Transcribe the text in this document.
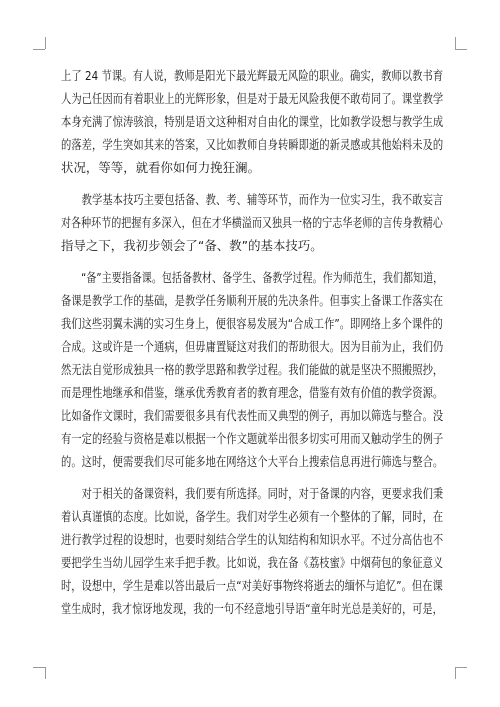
上了 24 节课。有人说，教师是阳光下最光辉最无风险的职业。确实，教师以教书育
人为己任因而有着职业上的光辉形象，但是对于最无风险我便不敢苟同了。课堂教学
本身充满了惊涛骇浪，特别是语文这种相对自由化的课堂，比如教学设想与教学生成
的落差，学生突如其来的答案，又比如教师自身转瞬即逝的新灵感或其他始料未及的
状况，等等，就看你如何力挽狂澜。
　　教学基本技巧主要包括备、教、考、辅等环节，而作为一位实习生，我不敢妄言
对各种环节的把握有多深入，但在才华横溢而又独具一格的宁志华老师的言传身教精心
指导之下，我初步领会了“备、教”的基本技巧。
　　“备”主要指备课。包括备教材、备学生、备教学过程。作为师范生，我们都知道，
备课是教学工作的基础，是教学任务顺利开展的先决条件。但事实上备课工作落实在
我们这些羽翼未满的实习生身上，便很容易发展为“合成工作”。即网络上多个课件的
合成。这或许是一个通病，但毋庸置疑这对我们的帮助很大。因为目前为止，我们仍
然无法自觉形成独具一格的教学思路和教学过程。我们能做的就是坚决不照搬照抄，
而是理性地继承和借鉴，继承优秀教育者的教育理念，借鉴有效有价值的教学资源。
比如备作文课时，我们需要很多具有代表性而又典型的例子，再加以筛选与整合。没
有一定的经验与资格是难以根据一个作文题就举出很多切实可用而又触动学生的例子
的。这时，便需要我们尽可能多地在网络这个大平台上搜索信息再进行筛选与整合。
　　对于相关的备课资料，我们要有所选择。同时，对于备课的内容，更要求我们秉
着认真谨慎的态度。比如说，备学生。我们对学生必须有一个整体的了解，同时，在
进行教学过程的设想时，也要时刻结合学生的认知结构和知识水平。不过分高估也不
要把学生当幼儿园学生来手把手教。比如说，我在备《荔枝蜜》中烟荷包的象征意义
时，设想中，学生是难以答出最后一点“对美好事物终将逝去的缅怀与追忆”。但在课
堂生成时，我才惊讶地发现，我的一句不经意地引导语“童年时光总是美好的，可是，
